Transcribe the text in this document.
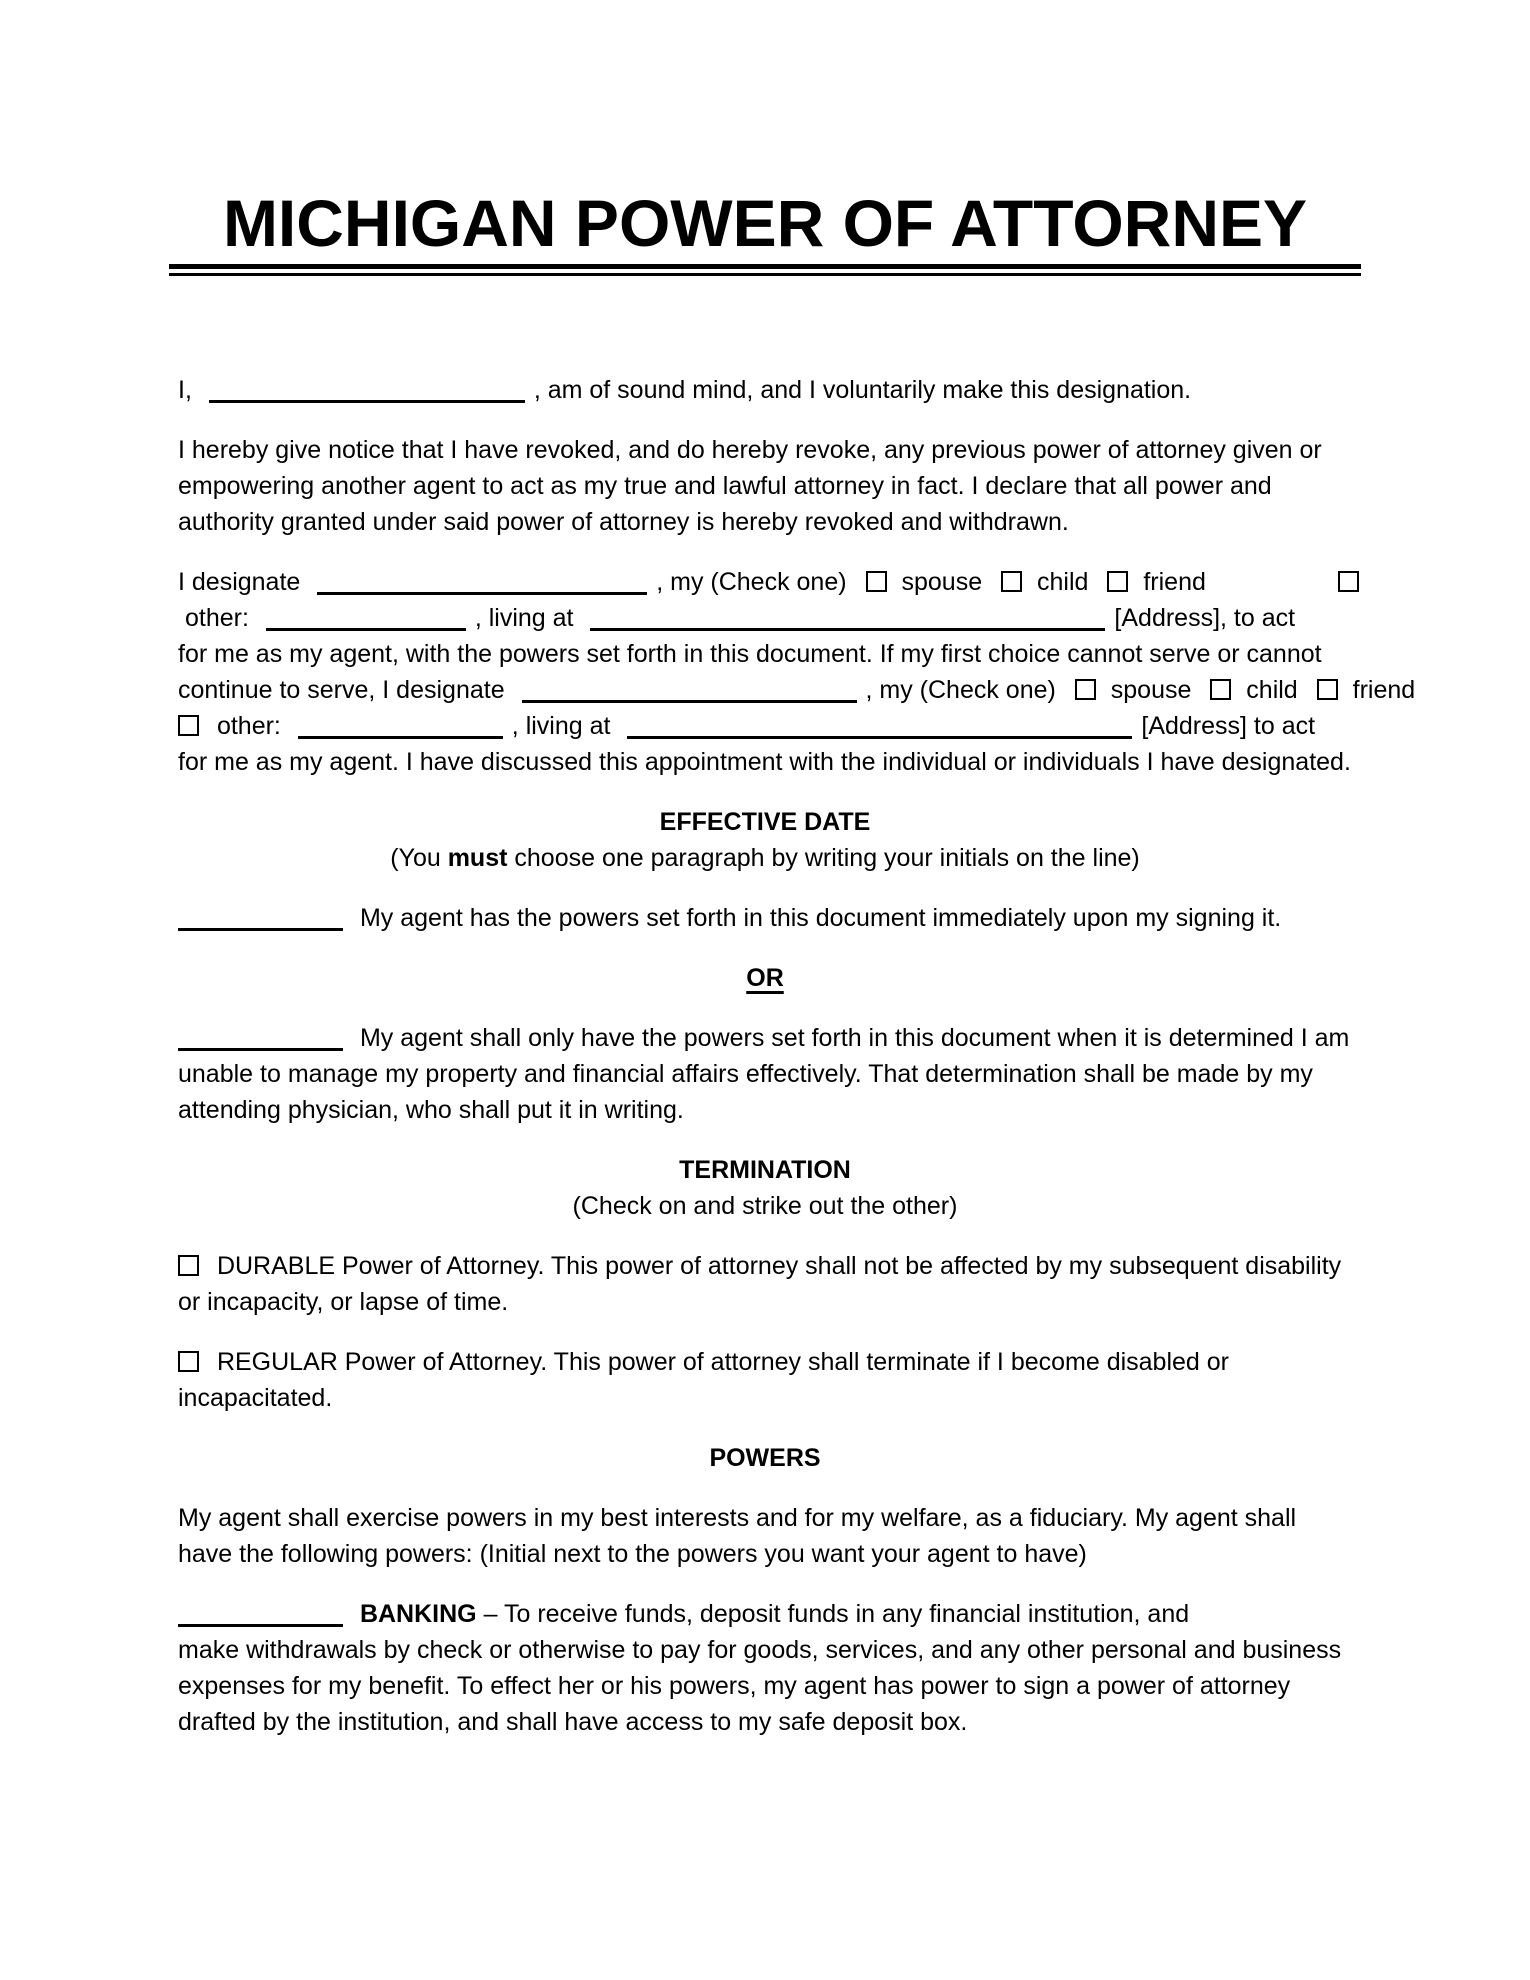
MICHIGAN POWER OF ATTORNEY
I,	, am of sound mind, and I voluntarily make this designation.
I hereby give notice that I have revoked, and do hereby revoke, any previous power of attorney given or
empowering another agent to act as my true and lawful attorney in fact. I declare that all power and
authority granted under said power of attorney is hereby revoked and withdrawn.
I designate	, my (Check one) spouse child friend
other:	, living at	[Address], to act
for me as my agent, with the powers set forth in this document. If my first choice cannot serve or cannot
continue to serve, I designate	, my (Check one) spouse child friend
other:	, living at	[Address] to act
for me as my agent. I have discussed this appointment with the individual or individuals I have designated.
EFFECTIVE DATE
(You must choose one paragraph by writing your initials on the line)
My agent has the powers set forth in this document immediately upon my signing it.
OR
My agent shall only have the powers set forth in this document when it is determined I am
unable to manage my property and financial affairs effectively. That determination shall be made by my
attending physician, who shall put it in writing.
TERMINATION
(Check on and strike out the other)
DURABLE Power of Attorney. This power of attorney shall not be affected by my subsequent disability
or incapacity, or lapse of time.
REGULAR Power of Attorney. This power of attorney shall terminate if I become disabled or
incapacitated.
POWERS
My agent shall exercise powers in my best interests and for my welfare, as a fiduciary. My agent shall
have the following powers: (Initial next to the powers you want your agent to have)
BANKING – To receive funds, deposit funds in any financial institution, and
make withdrawals by check or otherwise to pay for goods, services, and any other personal and business
expenses for my benefit. To effect her or his powers, my agent has power to sign a power of attorney
drafted by the institution, and shall have access to my safe deposit box.
